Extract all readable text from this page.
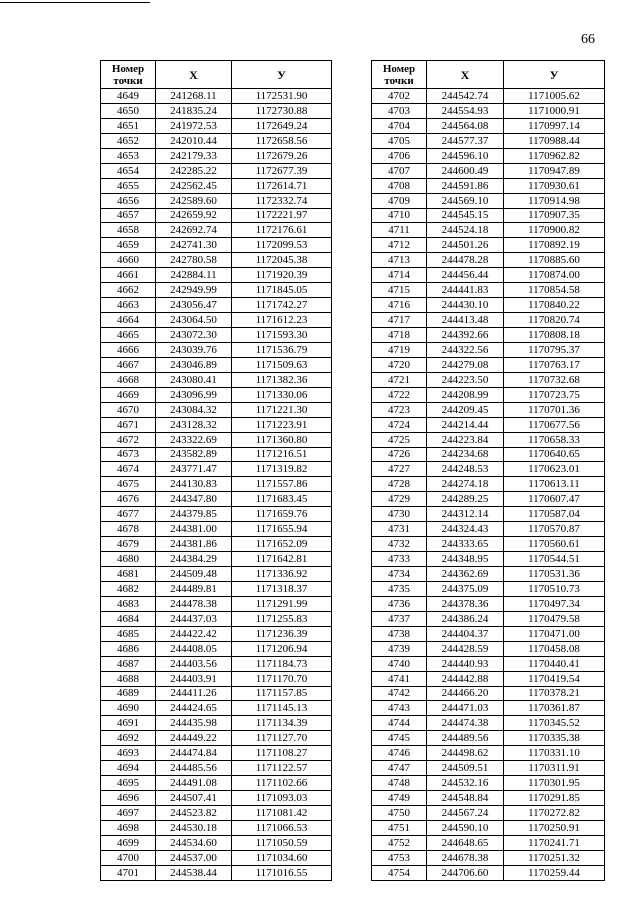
66
Номер
точки	X	У
4649	241268.11	1172531.90
4650	241835.24	1172730.88
4651	241972.53	1172649.24
4652	242010.44	1172658.56
4653	242179.33	1172679.26
4654	242285.22	1172677.39
4655	242562.45	1172614.71
4656	242589.60	1172332.74
4657	242659.92	1172221.97
4658	242692.74	1172176.61
4659	242741.30	1172099.53
4660	242780.58	1172045.38
4661	242884.11	1171920.39
4662	242949.99	1171845.05
4663	243056.47	1171742.27
4664	243064.50	1171612.23
4665	243072.30	1171593.30
4666	243039.76	1171536.79
4667	243046.89	1171509.63
4668	243080.41	1171382.36
4669	243096.99	1171330.06
4670	243084.32	1171221.30
4671	243128.32	1171223.91
4672	243322.69	1171360.80
4673	243582.89	1171216.51
4674	243771.47	1171319.82
4675	244130.83	1171557.86
4676	244347.80	1171683.45
4677	244379.85	1171659.76
4678	244381.00	1171655.94
4679	244381.86	1171652.09
4680	244384.29	1171642.81
4681	244509.48	1171336.92
4682	244489.81	1171318.37
4683	244478.38	1171291.99
4684	244437.03	1171255.83
4685	244422.42	1171236.39
4686	244408.05	1171206.94
4687	244403.56	1171184.73
4688	244403.91	1171170.70
4689	244411.26	1171157.85
4690	244424.65	1171145.13
4691	244435.98	1171134.39
4692	244449.22	1171127.70
4693	244474.84	1171108.27
4694	244485.56	1171122.57
4695	244491.08	1171102.66
4696	244507.41	1171093.03
4697	244523.82	1171081.42
4698	244530.18	1171066.53
4699	244534.60	1171050.59
4700	244537.00	1171034.60
4701	244538.44	1171016.55
Номер
точки	X	У
4702	244542.74	1171005.62
4703	244554.93	1171000.91
4704	244564.08	1170997.14
4705	244577.37	1170988.44
4706	244596.10	1170962.82
4707	244600.49	1170947.89
4708	244591.86	1170930.61
4709	244569.10	1170914.98
4710	244545.15	1170907.35
4711	244524.18	1170900.82
4712	244501.26	1170892.19
4713	244478.28	1170885.60
4714	244456.44	1170874.00
4715	244441.83	1170854.58
4716	244430.10	1170840.22
4717	244413.48	1170820.74
4718	244392.66	1170808.18
4719	244322.56	1170795.37
4720	244279.08	1170763.17
4721	244223.50	1170732.68
4722	244208.99	1170723.75
4723	244209.45	1170701.36
4724	244214.44	1170677.56
4725	244223.84	1170658.33
4726	244234.68	1170640.65
4727	244248.53	1170623.01
4728	244274.18	1170613.11
4729	244289.25	1170607.47
4730	244312.14	1170587.04
4731	244324.43	1170570.87
4732	244333.65	1170560.61
4733	244348.95	1170544.51
4734	244362.69	1170531.36
4735	244375.09	1170510.73
4736	244378.36	1170497.34
4737	244386.24	1170479.58
4738	244404.37	1170471.00
4739	244428.59	1170458.08
4740	244440.93	1170440.41
4741	244442.88	1170419.54
4742	244466.20	1170378.21
4743	244471.03	1170361.87
4744	244474.38	1170345.52
4745	244489.56	1170335.38
4746	244498.62	1170331.10
4747	244509.51	1170311.91
4748	244532.16	1170301.95
4749	244548.84	1170291.85
4750	244567.24	1170272.82
4751	244590.10	1170250.91
4752	244648.65	1170241.71
4753	244678.38	1170251.32
4754	244706.60	1170259.44
